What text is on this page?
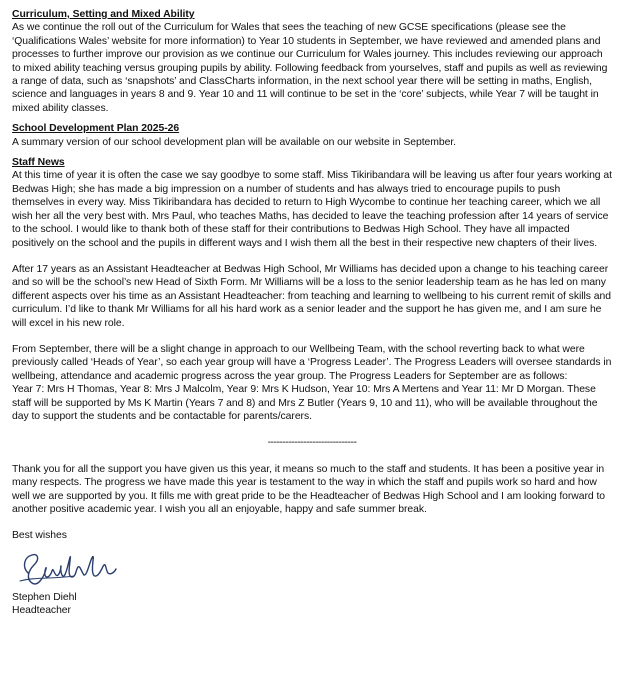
Curriculum, Setting and Mixed Ability

As we continue the roll out of the Curriculum for Wales that sees the teaching of new GCSE specifications (please see the ‘Qualifications Wales’ website for more information) to Year 10 students in September, we have reviewed and amended plans and processes to further improve our provision as we continue our Curriculum for Wales journey. This includes reviewing our approach to mixed ability teaching versus grouping pupils by ability. Following feedback from yourselves, staff and pupils as well as reviewing a range of data, such as ‘snapshots’ and ClassCharts information, in the next school year there will be setting in maths, English, science and languages in years 8 and 9. Year 10 and 11 will continue to be set in the ‘core’ subjects, while Year 7 will be taught in mixed ability classes.

School Development Plan 2025-26

A summary version of our school development plan will be available on our website in September.

Staff News

At this time of year it is often the case we say goodbye to some staff. Miss Tikiribandara will be leaving us after four years working at Bedwas High; she has made a big impression on a number of students and has always tried to encourage pupils to push themselves in every way. Miss Tikiribandara has decided to return to High Wycombe to continue her teaching career, which we all wish her all the very best with. Mrs Paul, who teaches Maths, has decided to leave the teaching profession after 14 years of service to the school. I would like to thank both of these staff for their contributions to Bedwas High School. They have all impacted positively on the school and the pupils in different ways and I wish them all the best in their respective new chapters of their lives.

After 17 years as an Assistant Headteacher at Bedwas High School, Mr Williams has decided upon a change to his teaching career and so will be the school’s new Head of Sixth Form. Mr Williams will be a loss to the senior leadership team as he has led on many different aspects over his time as an Assistant Headteacher: from teaching and learning to wellbeing to his current remit of skills and curriculum. I’d like to thank Mr Williams for all his hard work as a senior leader and the support he has given me, and I am sure he will excel in his new role.

From September, there will be a slight change in approach to our Wellbeing Team, with the school reverting back to what were previously called ‘Heads of Year’, so each year group will have a ‘Progress Leader’. The Progress Leaders will oversee standards in wellbeing, attendance and academic progress across the year group. The Progress Leaders for September are as follows:

Year 7: Mrs H Thomas, Year 8: Mrs J Malcolm, Year 9: Mrs K Hudson, Year 10: Mrs A Mertens and Year 11: Mr D Morgan. These staff will be supported by Ms K Martin (Years 7 and 8) and Mrs Z Butler (Years 9, 10 and 11), who will be available throughout the day to support the students and be contactable for parents/carers.

------------------------------

Thank you for all the support you have given us this year, it means so much to the staff and students. It has been a positive year in many respects. The progress we have made this year is testament to the way in which the staff and pupils work so hard and how well we are supported by you. It fills me with great pride to be the Headteacher of Bedwas High School and I am looking forward to another positive academic year. I wish you all an enjoyable, happy and safe summer break.

Best wishes

Stephen Diehl

Headteacher
